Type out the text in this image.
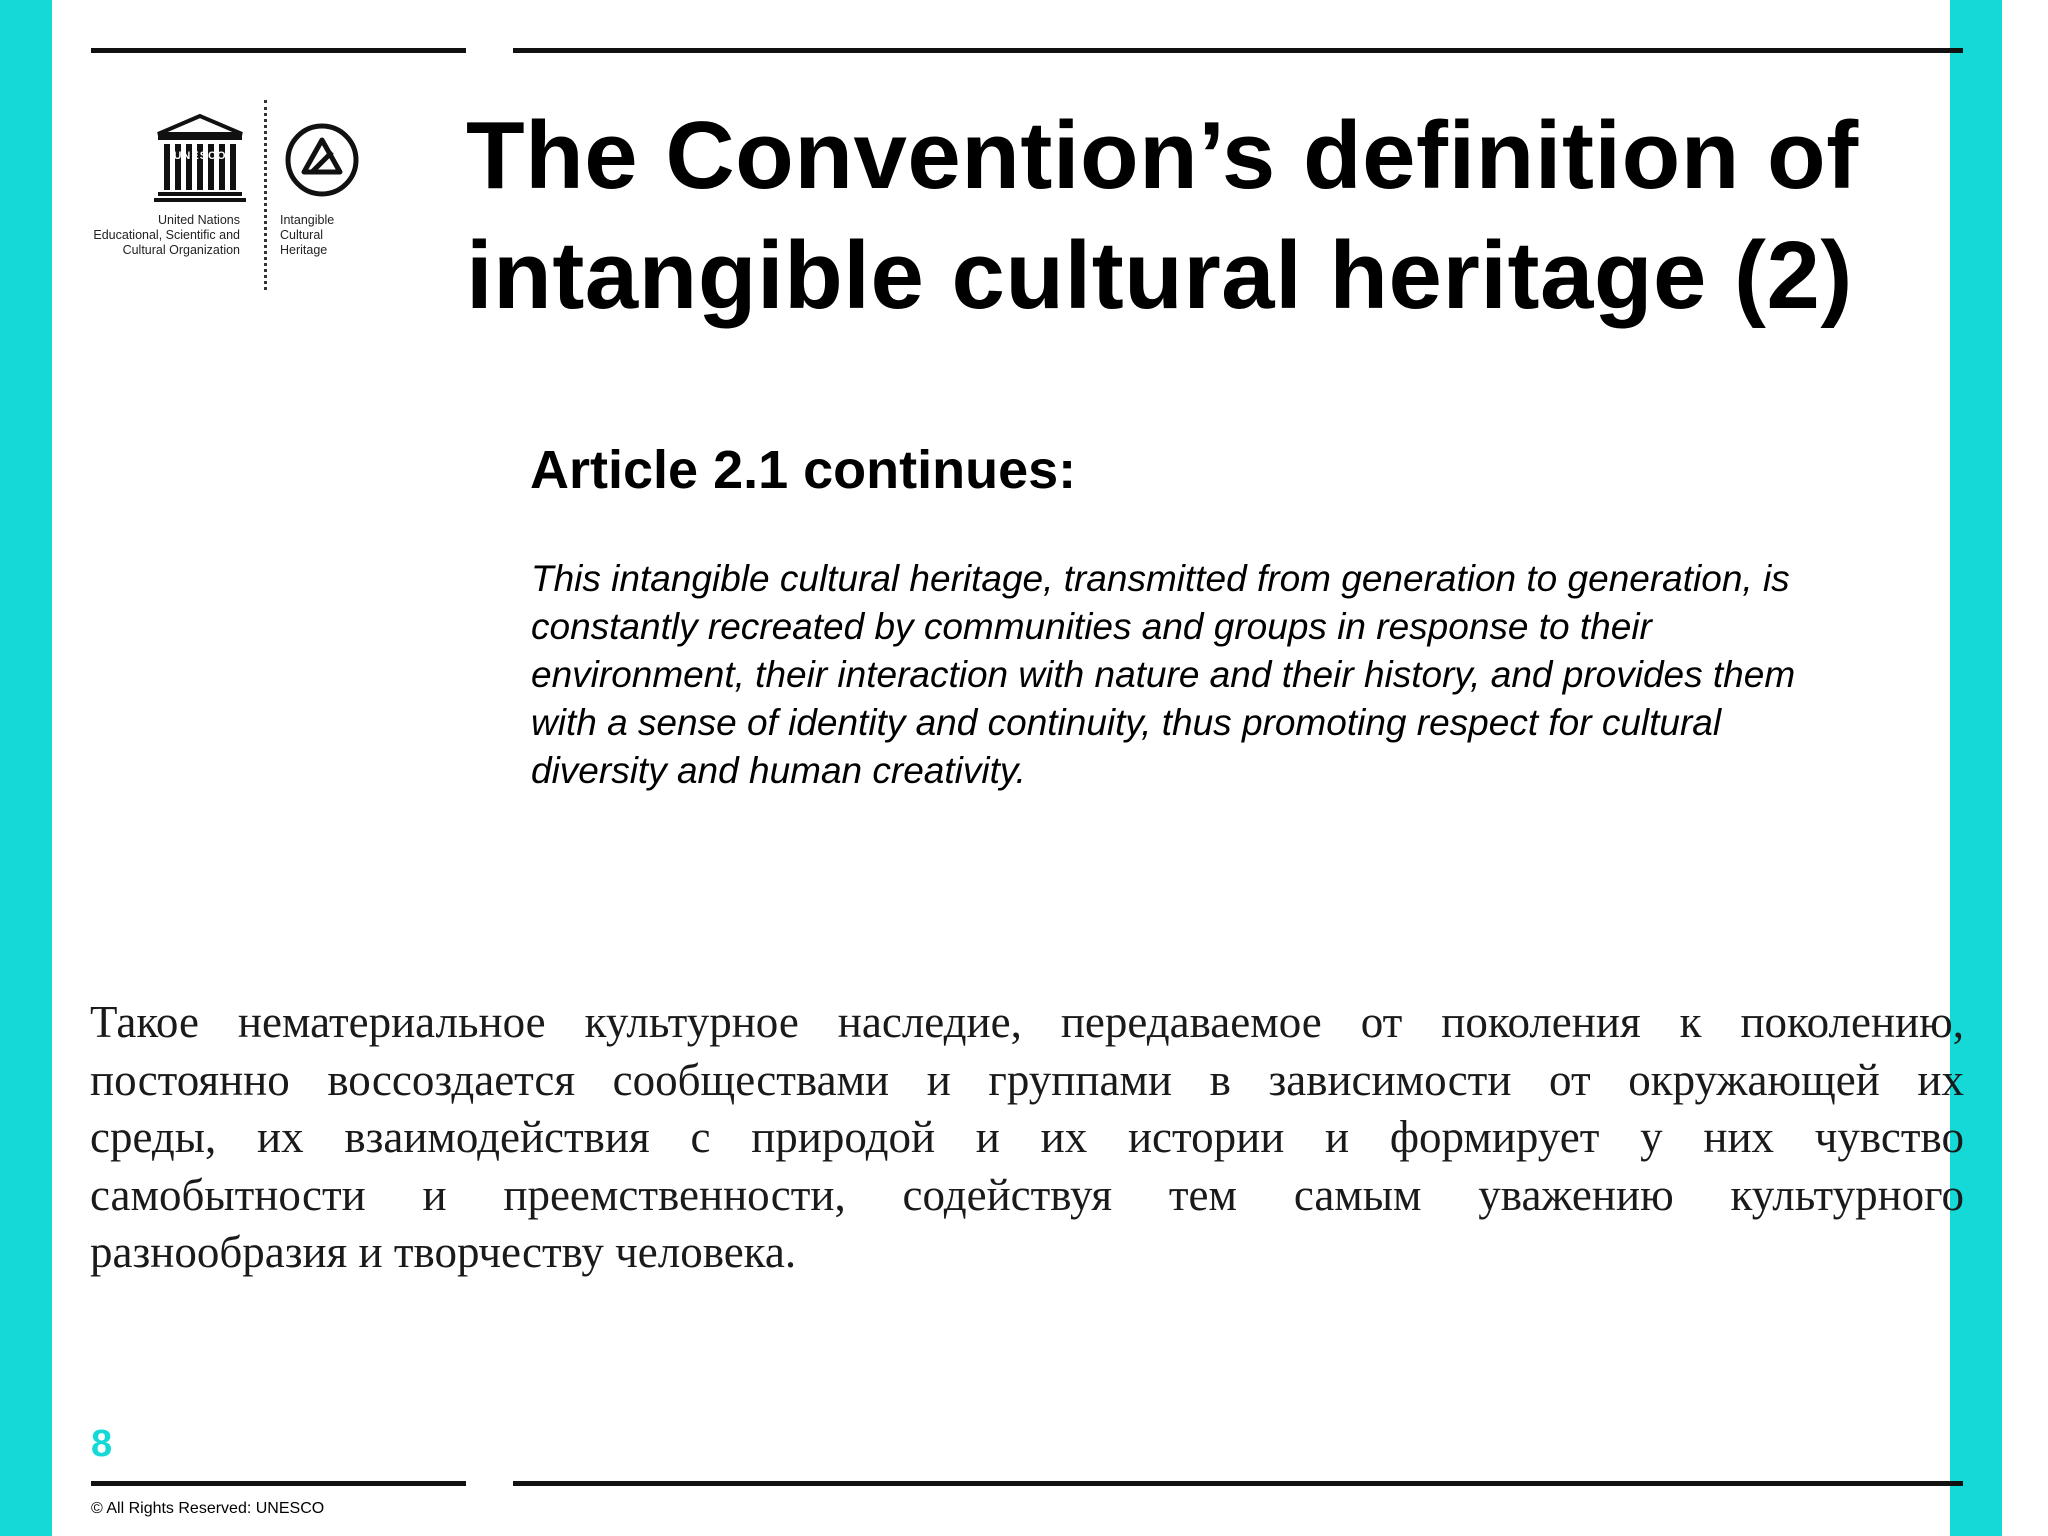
UNESCO
United Nations
Educational, Scientific and
Cultural Organization
Intangible
Cultural
Heritage
The Convention’s definition of
intangible cultural heritage (2)
Article 2.1 continues:

This intangible cultural heritage, transmitted from generation to generation, is
constantly recreated by communities and groups in response to their
environment, their interaction with nature and their history, and provides them
with a sense of identity and continuity, thus promoting respect for cultural
diversity and human creativity.

Такое нематериальное культурное наследие, передаваемое от поколения к поколению,
постоянно воссоздается сообществами и группами в зависимости от окружающей их
среды, их взаимодействия с природой и их истории и формирует у них чувство
самобытности и преемственности, содействуя тем самым уважению культурного
разнообразия и творчеству человека.

8
© All Rights Reserved: UNESCO
